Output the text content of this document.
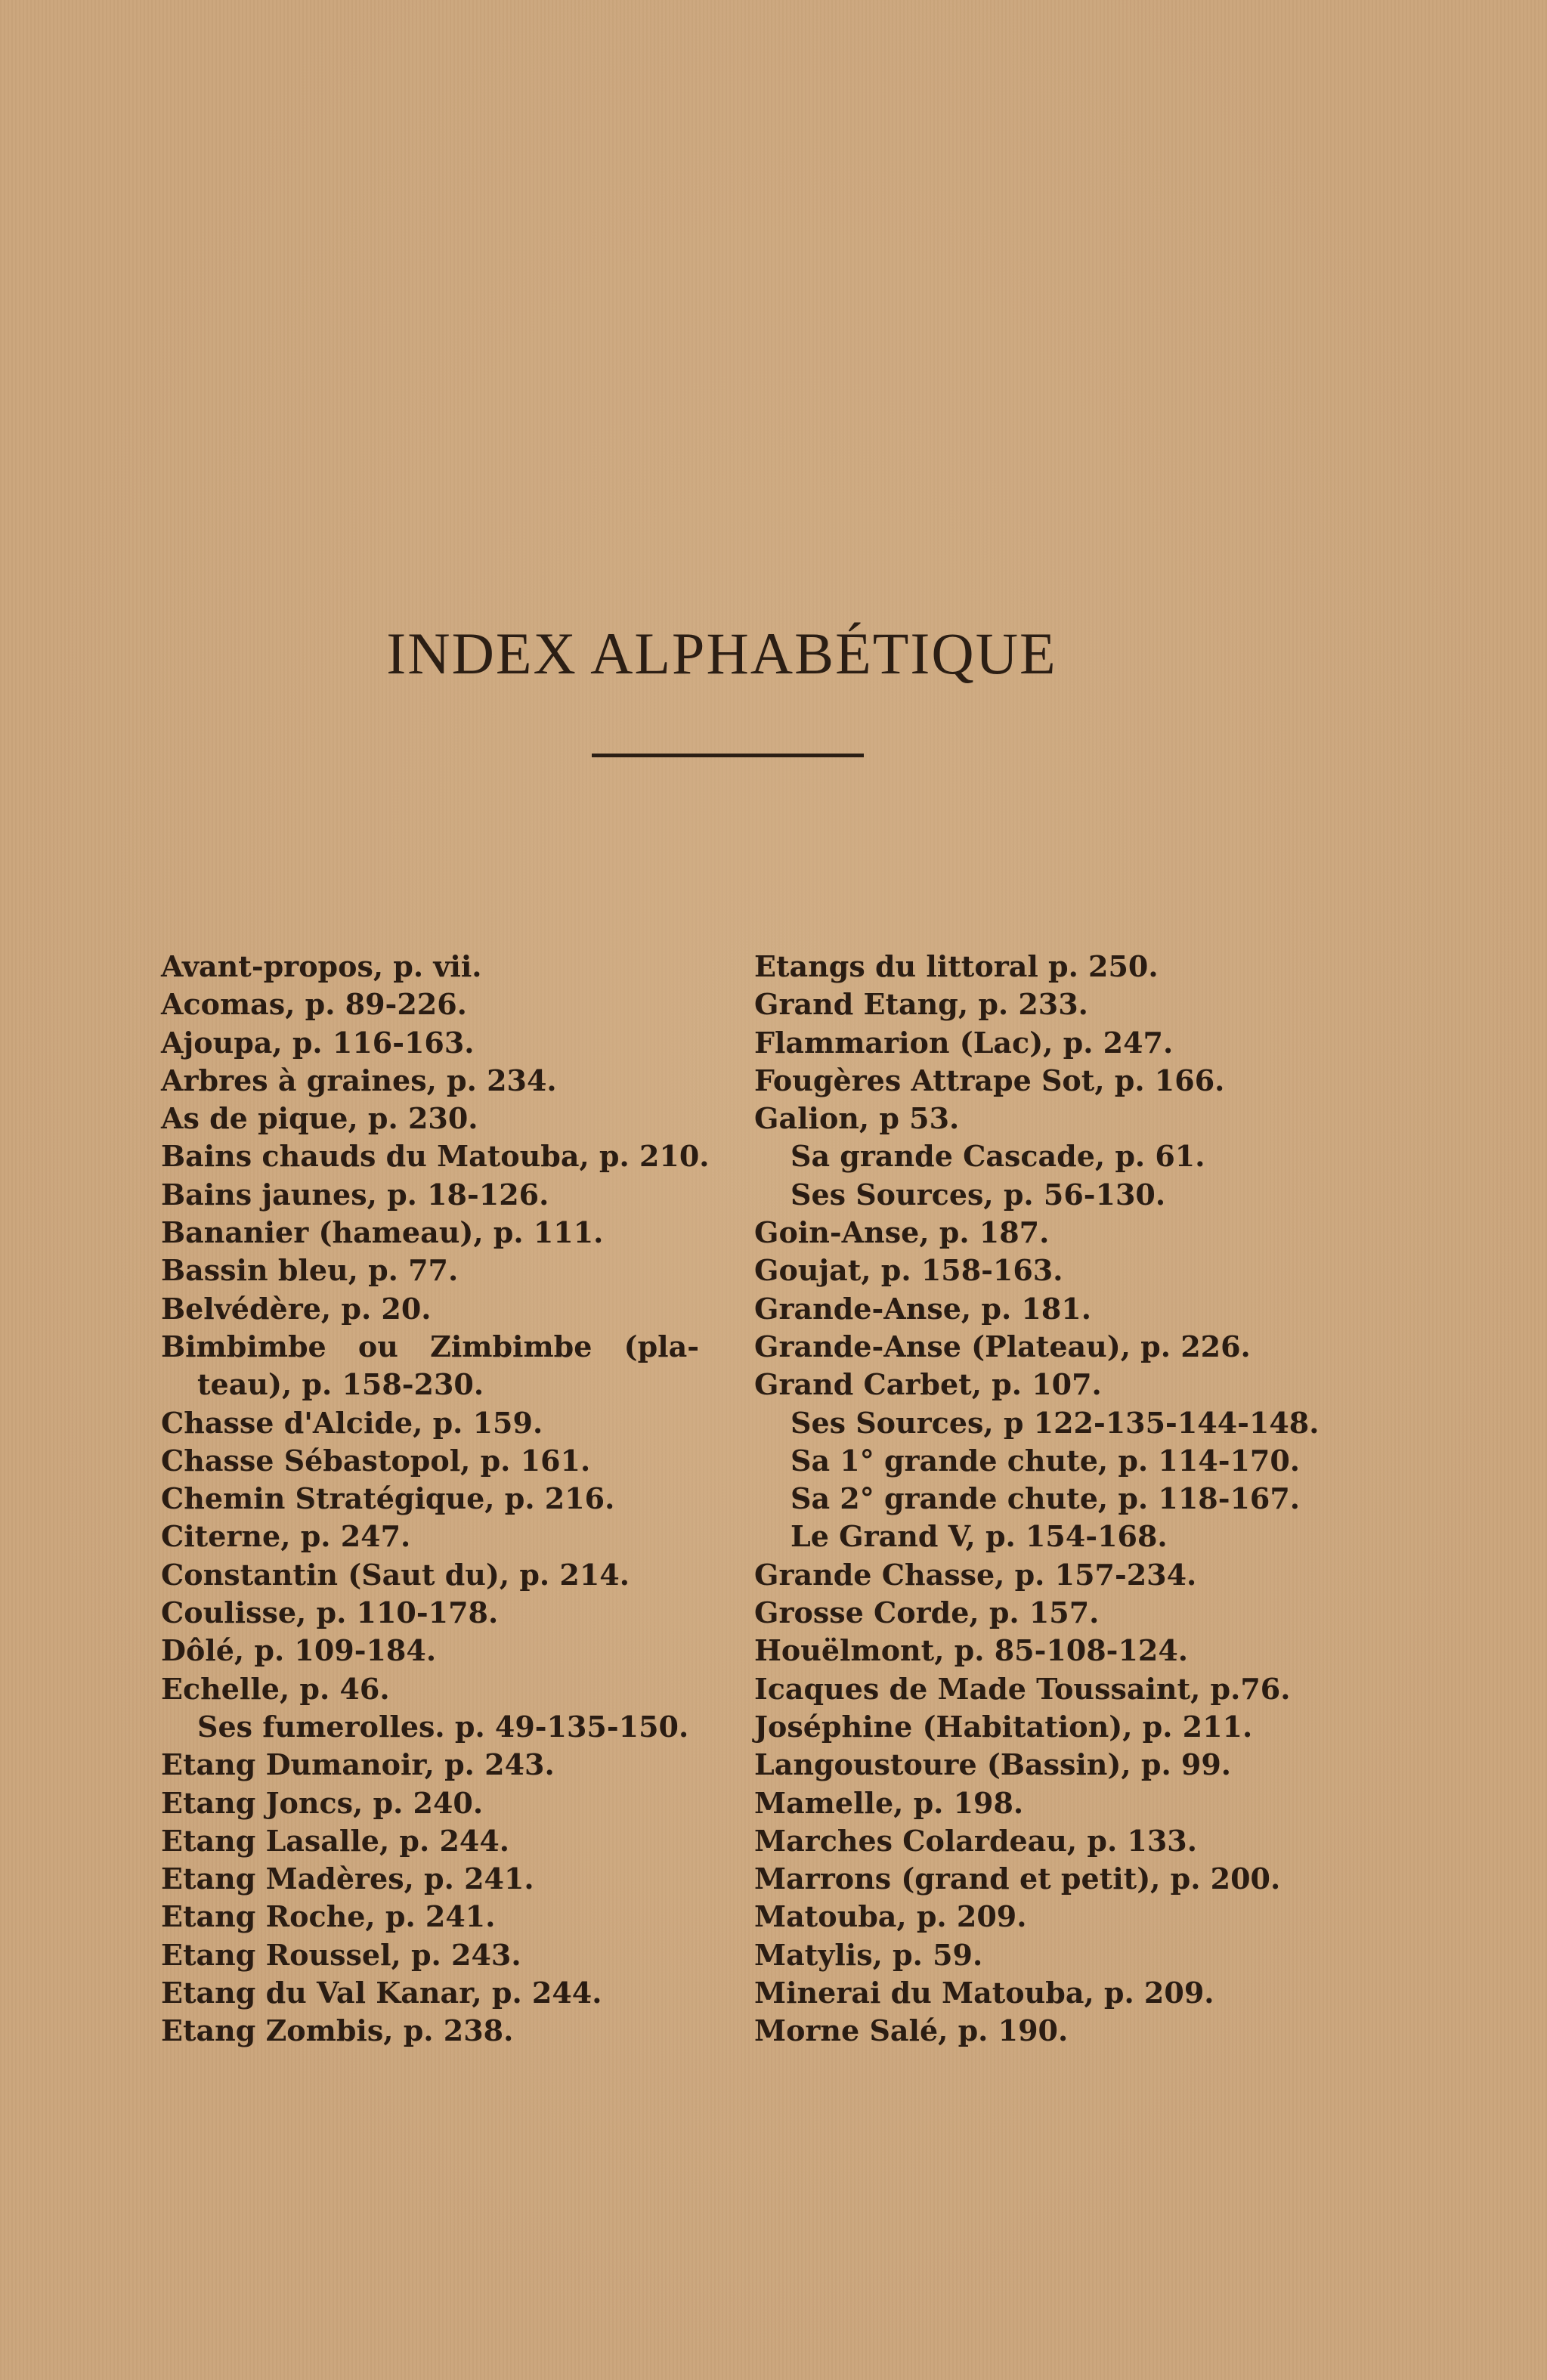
INDEX ALPHABÉTIQUE
Avant-propos, p. vii.
Acomas, p. 89-226.
Ajoupa, p. 116-163.
Arbres à graines, p. 234.
As de pique, p. 230.
Bains chauds du Matouba, p. 210.
Bains jaunes, p. 18-126.
Bananier (hameau), p. 111.
Bassin bleu, p. 77.
Belvédère, p. 20.
Bimbimbe ou Zimbimbe (pla-
teau), p. 158-230.
Chasse d'Alcide, p. 159.
Chasse Sébastopol, p. 161.
Chemin Stratégique, p. 216.
Citerne, p. 247.
Constantin (Saut du), p. 214.
Coulisse, p. 110-178.
Dôlé, p. 109-184.
Echelle, p. 46.
Ses fumerolles. p. 49-135-150.
Etang Dumanoir, p. 243.
Etang Joncs, p. 240.
Etang Lasalle, p. 244.
Etang Madères, p. 241.
Etang Roche, p. 241.
Etang Roussel, p. 243.
Etang du Val Kanar, p. 244.
Etang Zombis, p. 238.
Etangs du littoral p. 250.
Grand Etang, p. 233.
Flammarion (Lac), p. 247.
Fougères Attrape Sot, p. 166.
Galion, p 53.
Sa grande Cascade, p. 61.
Ses Sources, p. 56-130.
Goin-Anse, p. 187.
Goujat, p. 158-163.
Grande-Anse, p. 181.
Grande-Anse (Plateau), p. 226.
Grand Carbet, p. 107.
Ses Sources, p 122-135-144-148.
Sa 1° grande chute, p. 114-170.
Sa 2° grande chute, p. 118-167.
Le Grand V, p. 154-168.
Grande Chasse, p. 157-234.
Grosse Corde, p. 157.
Houëlmont, p. 85-108-124.
Icaques de Made Toussaint, p.76.
Joséphine (Habitation), p. 211.
Langoustoure (Bassin), p. 99.
Mamelle, p. 198.
Marches Colardeau, p. 133.
Marrons (grand et petit), p. 200.
Matouba, p. 209.
Matylis, p. 59.
Minerai du Matouba, p. 209.
Morne Salé, p. 190.
